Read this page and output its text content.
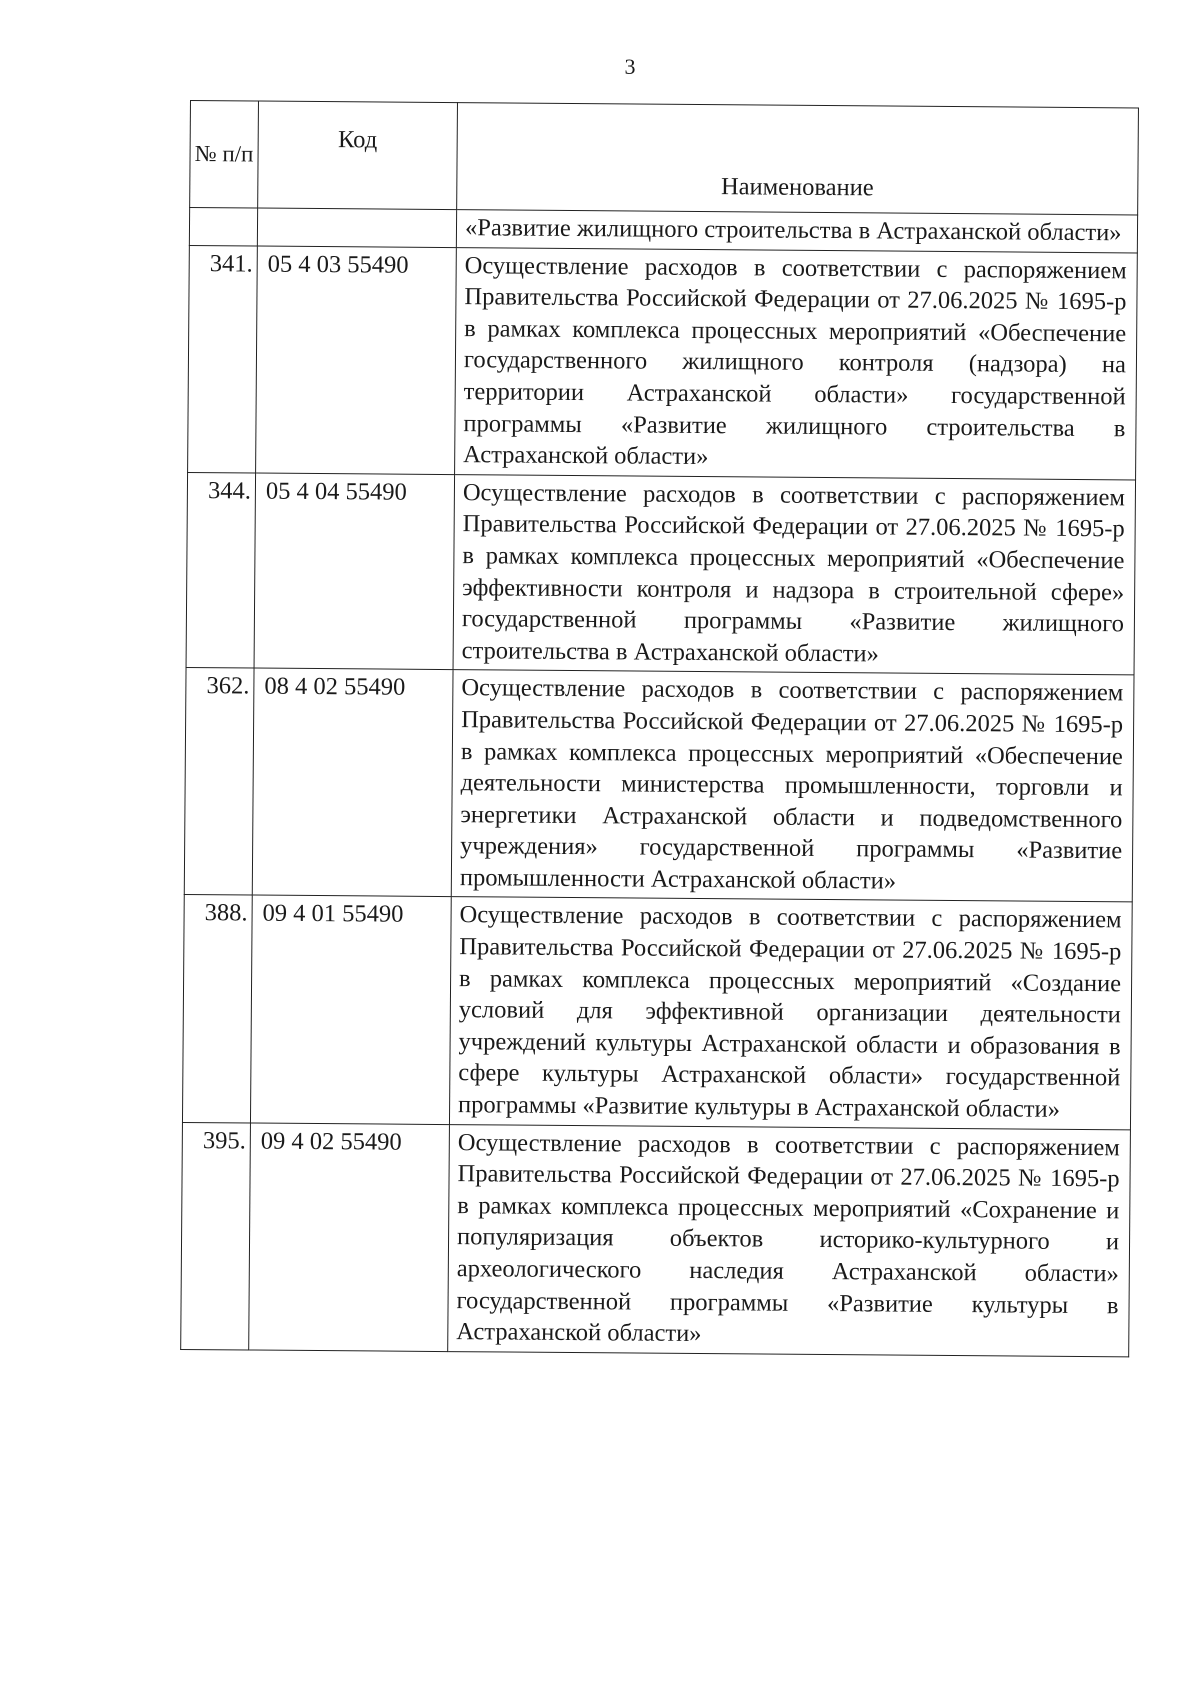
3
№ п/п	Код	Наименование
		«Развитие жилищного строительства в Астраханской области»
341.	05 4 03 55490	Осуществление расходов в соответствии с распоряжением Правительства Российской Федерации от 27.06.2025 № 1695-р в рамках комплекса процессных мероприятий «Обеспечение государственного жилищного контроля (надзора) на территории Астраханской области» государственной программы «Развитие жилищного строительства в Астраханской области»
344.	05 4 04 55490	Осуществление расходов в соответствии с распоряжением Правительства Российской Федерации от 27.06.2025 № 1695-р в рамках комплекса процессных мероприятий «Обеспечение эффективности контроля и надзора в строительной сфере» государственной программы «Развитие жилищного строительства в Астраханской области»
362.	08 4 02 55490	Осуществление расходов в соответствии с распоряжением Правительства Российской Федерации от 27.06.2025 № 1695-р в рамках комплекса процессных мероприятий «Обеспечение деятельности министерства промышленности, торговли и энергетики Астраханской области и подведомственного учреждения» государственной программы «Развитие промышленности Астраханской области»
388.	09 4 01 55490	Осуществление расходов в соответствии с распоряжением Правительства Российской Федерации от 27.06.2025 № 1695-р в рамках комплекса процессных мероприятий «Создание условий для эффективной организации деятельности учреждений культуры Астраханской области и образования в сфере культуры Астраханской области» государственной программы «Развитие культуры в Астраханской области»
395.	09 4 02 55490	Осуществление расходов в соответствии с распоряжением Правительства Российской Федерации от 27.06.2025 № 1695-р в рамках комплекса процессных мероприятий «Сохранение и популяризация объектов историко-культурного и археологического наследия Астраханской области» государственной программы «Развитие культуры в Астраханской области»
